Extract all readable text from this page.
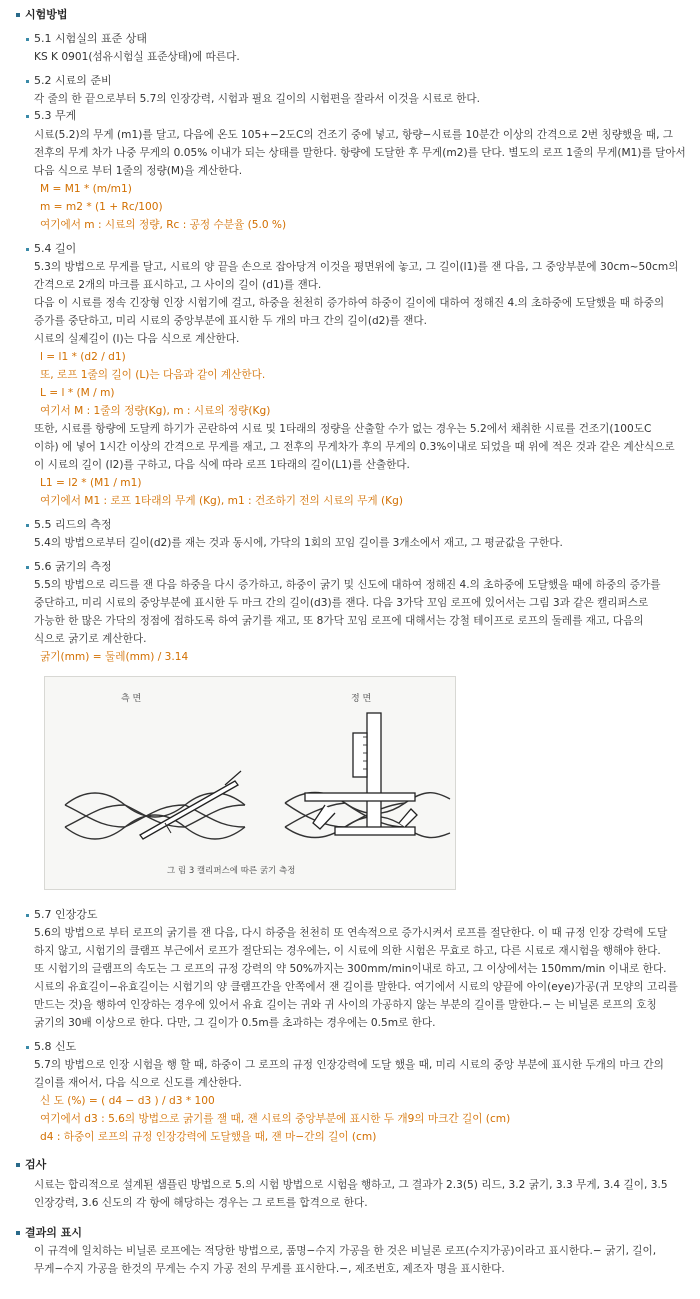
시험방법
5.1 시험실의 표준 상태
KS K 0901(섬유시험실 표준상태)에 따른다.
5.2 시료의 준비
각 줄의 한 끝으로부터 5.7의 인장강력, 시험과 필요 길이의 시험편을 잘라서 이것을 시료로 한다.
5.3 무게
시료(5.2)의 무게 (m1)를 달고, 다음에 온도 105+−2도C의 건조기 중에 넣고, 항량−시료를 10분간 이상의 간격으로 2번 칭량했을 때, 그
전후의 무게 차가 나중 무게의 0.05% 이내가 되는 상태를 말한다. 항량에 도달한 후 무게(m2)를 단다. 별도의 로프 1줄의 무게(M1)를 달아서
다음 식으로 부터 1줄의 정량(M)을 계산한다.
M = M1 * (m/m1)
m = m2 * (1 + Rc/100)
여기에서 m : 시료의 정량, Rc : 공정 수분율 (5.0 %)
5.4 길이
5.3의 방법으로 무게를 달고, 시료의 양 끝을 손으로 잡아당겨 이것을 평면위에 놓고, 그 길이(l1)를 잰 다음, 그 중앙부분에 30cm~50cm의
간격으로 2개의 마크를 표시하고, 그 사이의 길이 (d1)를 잰다.
다음 이 시료를 정속 긴장형 인장 시험기에 걸고, 하중을 천천히 증가하여 하중이 길이에 대하여 정해진 4.의 초하중에 도달했을 때 하중의
증가를 중단하고, 미리 시료의 중앙부분에 표시한 두 개의 마크 간의 길이(d2)를 잰다.
시료의 실제길이 (l)는 다음 식으로 계산한다.
l = l1 * (d2 / d1)
또, 로프 1줄의 길이 (L)는 다음과 같이 계산한다.
L = l * (M / m)
여기서 M : 1줄의 정량(Kg), m : 시료의 정량(Kg)
또한, 시료를 항량에 도달케 하기가 곤란하여 시료 및 1타래의 정량을 산출할 수가 없는 경우는 5.2에서 채취한 시료를 건조기(100도C
이하) 에 넣어 1시간 이상의 간격으로 무게를 재고, 그 전후의 무게차가 후의 무게의 0.3%이내로 되었을 때 위에 적은 것과 같은 계산식으로
이 시료의 길이 (l2)를 구하고, 다음 식에 따라 로프 1타래의 길이(L1)를 산출한다.
L1 = l2 * (M1 / m1)
여기에서 M1 : 로프 1타래의 무게 (Kg), m1 : 건조하기 전의 시료의 무게 (Kg)
5.5 리드의 측정
5.4의 방법으로부터 길이(d2)를 재는 것과 동시에, 가닥의 1회의 꼬임 길이를 3개소에서 재고, 그 평균값을 구한다.
5.6 굵기의 측정
5.5의 방법으로 리드를 잰 다음 하중을 다시 증가하고, 하중이 굵기 및 신도에 대하여 정해진 4.의 초하중에 도달했을 때에 하중의 증가를
중단하고, 미리 시료의 중앙부분에 표시한 두 마크 간의 길이(d3)를 잰다. 다음 3가닥 꼬임 로프에 있어서는 그림 3과 같은 캘리퍼스로
가능한 한 많은 가닥의 정점에 접하도록 하여 굵기를 재고, 또 8가닥 꼬임 로프에 대해서는 강철 테이프로 로프의 둘레를 재고, 다음의
식으로 굵기로 계산한다.
굵기(mm) = 둘레(mm) / 3.14
측 면	정 면
그 림 3 캘리퍼스에 따른 굵기 측정
5.7 인장강도
5.6의 방법으로 부터 로프의 굵기를 잰 다음, 다시 하중을 천천히 또 연속적으로 증가시켜서 로프를 절단한다. 이 때 규정 인장 강력에 도달
하지 않고, 시험기의 클램프 부근에서 로프가 절단되는 경우에는, 이 시료에 의한 시험은 무효로 하고, 다른 시료로 재시험을 행해야 한다.
또 시험기의 글램프의 속도는 그 로프의 규정 강력의 약 50%까지는 300mm/min이내로 하고, 그 이상에서는 150mm/min 이내로 한다.
시료의 유효길이−유효길이는 시험기의 양 클램프간을 안쪽에서 잰 길이를 말한다. 여기에서 시료의 양끝에 아이(eye)가공(귀 모양의 고리를
만드는 것)을 행하여 인장하는 경우에 있어서 유효 길이는 귀와 귀 사이의 가공하지 않는 부분의 길이를 말한다.− 는 비닐론 로프의 호칭
굵기의 30배 이상으로 한다. 다만, 그 길이가 0.5m를 초과하는 경우에는 0.5m로 한다.
5.8 신도
5.7의 방법으로 인장 시험을 행 할 때, 하중이 그 로프의 규정 인장강력에 도달 했을 때, 미리 시료의 중앙 부분에 표시한 두개의 마크 간의
길이를 재어서, 다음 식으로 신도를 계산한다.
신 도 (%) = ( d4 − d3 ) / d3 * 100
여기에서 d3 : 5.6의 방법으로 굵기를 잴 때, 잰 시료의 중앙부분에 표시한 두 개9의 마크간 길이 (cm)
d4 : 하중이 로프의 규정 인장강력에 도달했을 때, 잰 마−간의 길이 (cm)
검사
시료는 합리적으로 설계된 샘플린 방법으로 5.의 시험 방법으로 시험을 행하고, 그 결과가 2.3(5) 리드, 3.2 굵기, 3.3 무게, 3.4 길이, 3.5
인장강력, 3.6 신도의 각 항에 해당하는 경우는 그 로트를 합격으로 한다.
결과의 표시
이 규격에 일치하는 비닐론 로프에는 적당한 방법으로, 품명−수지 가공을 한 것은 비닐론 로프(수지가공)이라고 표시한다.− 굵기, 길이,
무게−수지 가공을 한것의 무게는 수지 가공 전의 무게를 표시한다.−, 제조번호, 제조자 명을 표시한다.
